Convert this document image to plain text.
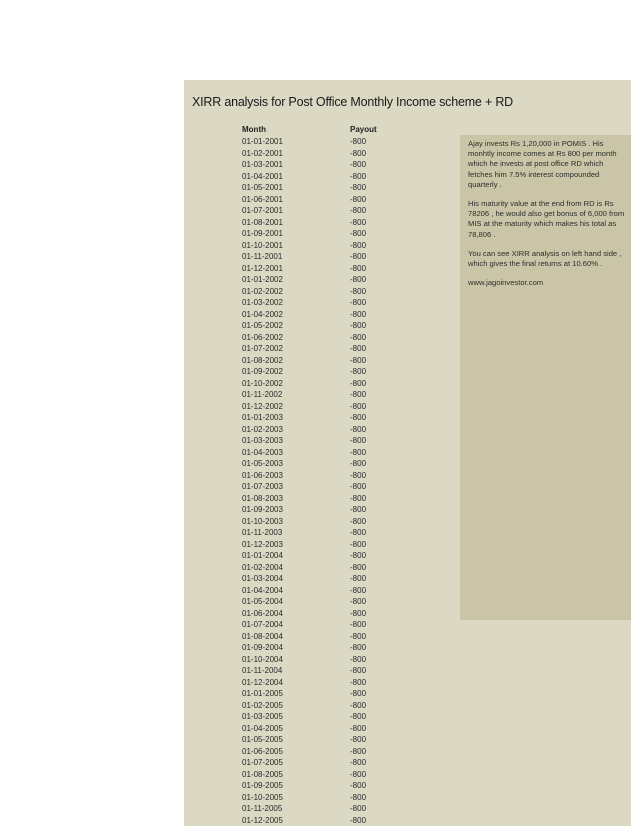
XIRR analysis for Post Office Monthly Income scheme + RD
Month	Payout
01-01-2001	-800
01-02-2001	-800
01-03-2001	-800
01-04-2001	-800
01-05-2001	-800
01-06-2001	-800
01-07-2001	-800
01-08-2001	-800
01-09-2001	-800
01-10-2001	-800
01-11-2001	-800
01-12-2001	-800
01-01-2002	-800
01-02-2002	-800
01-03-2002	-800
01-04-2002	-800
01-05-2002	-800
01-06-2002	-800
01-07-2002	-800
01-08-2002	-800
01-09-2002	-800
01-10-2002	-800
01-11-2002	-800
01-12-2002	-800
01-01-2003	-800
01-02-2003	-800
01-03-2003	-800
01-04-2003	-800
01-05-2003	-800
01-06-2003	-800
01-07-2003	-800
01-08-2003	-800
01-09-2003	-800
01-10-2003	-800
01-11-2003	-800
01-12-2003	-800
01-01-2004	-800
01-02-2004	-800
01-03-2004	-800
01-04-2004	-800
01-05-2004	-800
01-06-2004	-800
01-07-2004	-800
01-08-2004	-800
01-09-2004	-800
01-10-2004	-800
01-11-2004	-800
01-12-2004	-800
01-01-2005	-800
01-02-2005	-800
01-03-2005	-800
01-04-2005	-800
01-05-2005	-800
01-06-2005	-800
01-07-2005	-800
01-08-2005	-800
01-09-2005	-800
01-10-2005	-800
01-11-2005	-800
01-12-2005	-800

Ajay invests Rs 1,20,000 in POMIS . His monhtly income comes at Rs 800 per month which he invests at post office RD which fetches him 7.5% interest compounded quarterly .

His maturity value at the end from RD is Rs 78206 , he would also get bonus of 6,000 from MIS at the maturity which makes his total as 78,806 .

You can see XIRR analysis on left hand side , which gives the final returns at 10.60% .

www.jagoinvestor.com
